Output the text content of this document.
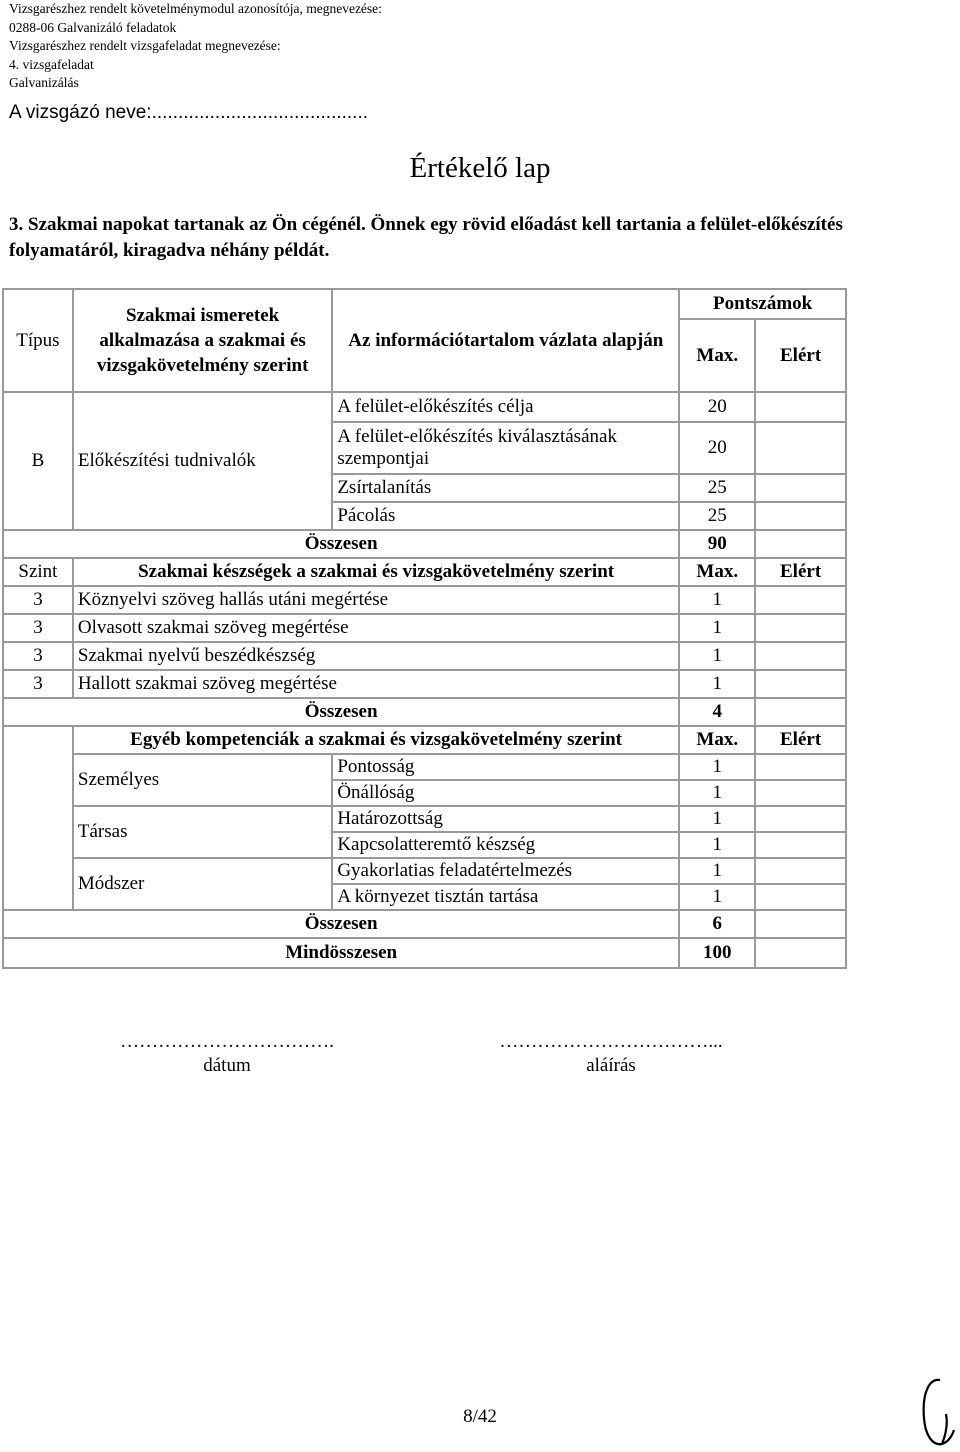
Vizsgarészhez rendelt követelménymodul azonosítója, megnevezése:
0288-06 Galvanizáló feladatok
Vizsgarészhez rendelt vizsgafeladat megnevezése:
4. vizsgafeladat
Galvanizálás
A vizsgázó neve:.........................................
Értékelő lap
3. Szakmai napokat tartanak az Ön cégénél. Önnek egy rövid előadást kell tartania a felület-előkészítés folyamatáról, kiragadva néhány példát.
Típus	Szakmai ismeretek alkalmazása a szakmai és vizsgakövetelmény szerint	Az információtartalom vázlata alapján	Pontszámok	
			Max.	Elért
B	Előkészítési tudnivalók	A felület-előkészítés célja	20	
		A felület-előkészítés kiválasztásának szempontjai	20	
		Zsírtalanítás	25	
		Pácolás	25	
Összesen			90	
Szint	Szakmai készségek a szakmai és vizsgakövetelmény szerint		Max.	Elért
3	Köznyelvi szöveg hallás utáni megértése		1	
3	Olvasott szakmai szöveg megértése		1	
3	Szakmai nyelvű beszédkészség		1	
3	Hallott szakmai szöveg megértése		1	
Összesen			4	
	Egyéb kompetenciák a szakmai és vizsgakövetelmény szerint		Max.	Elért
	Személyes	Pontosság	1	
		Önállóság	1	
	Társas	Határozottság	1	
		Kapcsolatteremtő készség	1	
	Módszer	Gyakorlatias feladatértelmezés	1	
		A környezet tisztán tartása	1	
Összesen			6	
Mindösszesen			100	
…………………………….
dátum
……………………………...
aláírás
8/42
